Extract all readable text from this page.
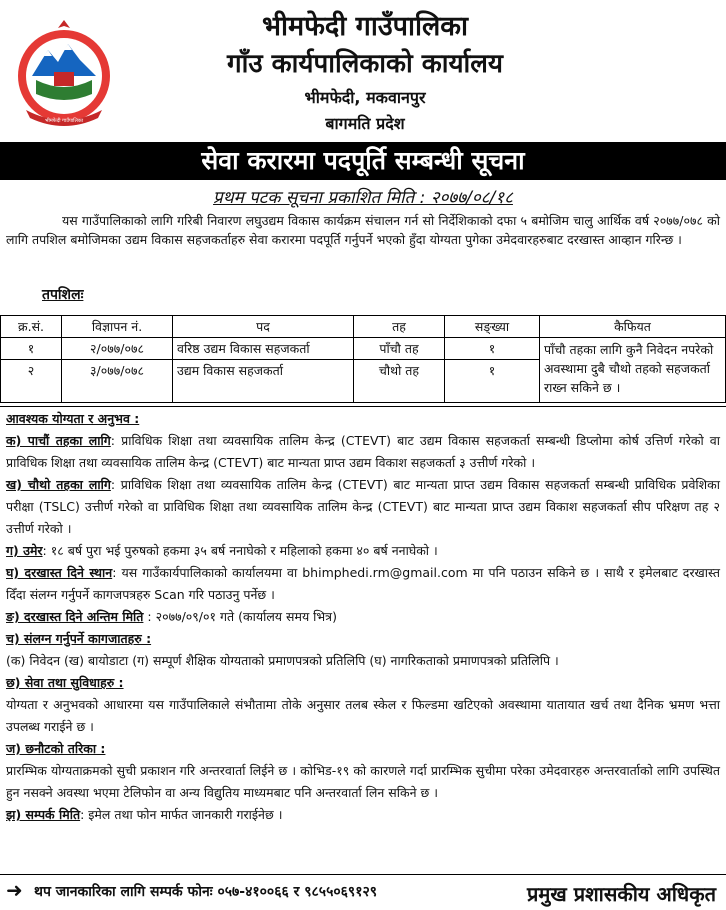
भीमफेदी गाउँपालिका
भीमफेदी गाउँपालिका
गाँउ कार्यपालिकाको कार्यालय
भीमफेदी, मकवानपुर
बागमति प्रदेश
सेवा करारमा पदपूर्ति सम्बन्धी सूचना
प्रथम पटक सूचना प्रकाशित मिति : २०७७/०८/१८

यस गाउँपालिकाको लागि गरिबी निवारण लघुउद्यम विकास कार्यक्रम संचालन गर्न सो निर्देशिकाको दफा ५ बमोजिम चालु आर्थिक वर्ष २०७७/०७८ को लागि तपशिल बमोजिमका उद्यम विकास सहजकर्ताहरु सेवा करारमा पदपूर्ति गर्नुपर्ने भएको हुँदा योग्यता पुगेका उमेदवारहरुबाट दरखास्त आव्हान गरिन्छ ।

तपशिलः
क्र.सं.	विज्ञापन नं.	पद	तह	सङ्ख्या	कैफियत
१	२/०७७/०७८	वरिष्ठ उद्यम विकास सहजकर्ता	पाँचौ तह	१	पाँचौ तहका लागि कुनै निवेदन नपरेको अवस्थामा दुबै चौथो तहको सहजकर्ता राख्न सकिने छ ।
२	३/०७७/०७८	उद्यम विकास सहजकर्ता	चौथो तह	१	

आवश्यक योग्यता र अनुभव :

क) पाचौं तहका लागि: प्राविधिक शिक्षा तथा व्यवसायिक तालिम केन्द्र (CTEVT) बाट उद्यम विकास सहजकर्ता सम्बन्धी डिप्लोमा कोर्ष उत्तिर्ण गरेको वा प्राविधिक शिक्षा तथा व्यवसायिक तालिम केन्द्र (CTEVT) बाट मान्यता प्राप्त उद्यम विकाश सहजकर्ता ३ उत्तीर्ण गरेको ।

ख) चौथो तहका लागि: प्राविधिक शिक्षा तथा व्यवसायिक तालिम केन्द्र (CTEVT) बाट मान्यता प्राप्त उद्यम विकास सहजकर्ता सम्बन्धी प्राविधिक प्रवेशिका परीक्षा (TSLC) उत्तीर्ण गरेको वा प्राविधिक शिक्षा तथा व्यवसायिक तालिम केन्द्र (CTEVT) बाट मान्यता प्राप्त उद्यम विकाश सहजकर्ता सीप परिक्षण तह २ उत्तीर्ण गरेको ।

ग) उमेर: १८ बर्ष पुरा भई पुरुषको हकमा ३५ बर्ष ननाघेको र महिलाको हकमा ४० बर्ष ननाघेको ।

घ) दरखास्त दिने स्थान: यस गाउँकार्यपालिकाको कार्यालयमा वा bhimphedi.rm@gmail.com मा पनि पठाउन सकिने छ । साथै र इमेलबाट दरखास्त दिँदा संलग्न गर्नुपर्ने कागजपत्रहरु Scan गरि पठाउनु पर्नेछ ।

ङ) दरखास्त दिने अन्तिम मिति : २०७७/०९/०१ गते (कार्यालय समय भित्र)

च) संलग्न गर्नुपर्ने कागजातहरु :

(क) निवेदन (ख) बायोडाटा (ग) सम्पूर्ण शैक्षिक योग्यताको प्रमाणपत्रको प्रतिलिपि (घ) नागरिकताको प्रमाणपत्रको प्रतिलिपि ।

छ) सेवा तथा सुविधाहरु :

योग्यता र अनुभवको आधारमा यस गाउँपालिकाले संभौतामा तोके अनुसार तलब स्केल र फिल्डमा खटिएको अवस्थामा यातायात खर्च तथा दैनिक भ्रमण भत्ता उपलब्ध गराईने छ ।

ज) छनौटको तरिका :

प्रारम्भिक योग्यताक्रमको सुची प्रकाशन गरि अन्तरवार्ता लिईने छ । कोभिड-१९ को कारणले गर्दा प्रारम्भिक सुचीमा परेका उमेदवारहरु अन्तरवार्ताको लागि उपस्थित हुन नसक्ने अवस्था भएमा टेलिफोन वा अन्य विद्युतिय माध्यमबाट पनि अन्तरवार्ता लिन सकिने छ ।

झ) सम्पर्क मिति: इमेल तथा फोन मार्फत जानकारी गराईनेछ ।

➜ थप जानकारिका लागि सम्पर्क फोनः ०५७-४१००६६ र ९८५५०६९१२९	प्रमुख प्रशासकीय अधिकृत
